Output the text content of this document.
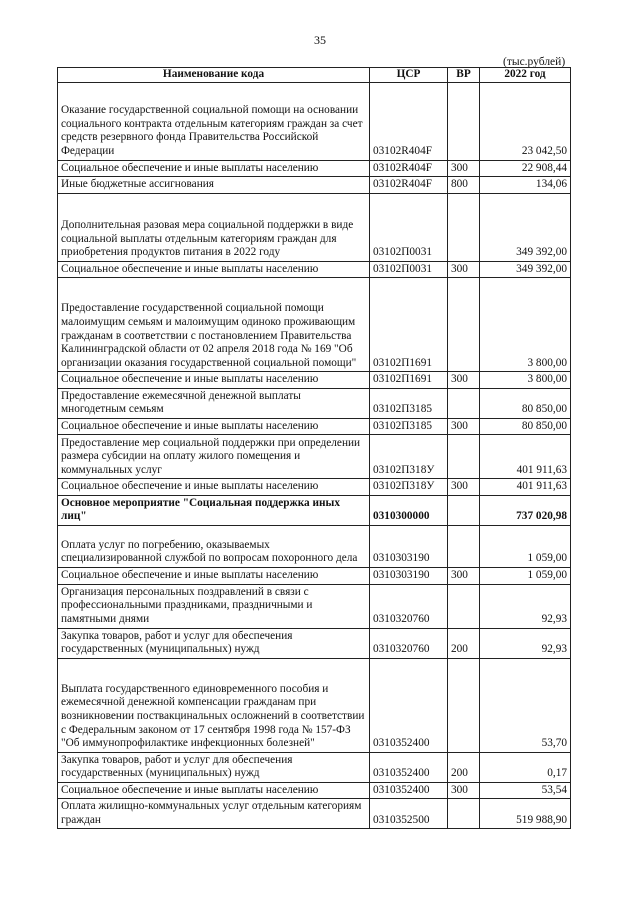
35
(тыс.рублей)
Наименование кода	ЦСР	ВР	2022 год
Оказание государственной социальной помощи на основании социального контракта отдельным категориям граждан за счет средств резервного фонда Правительства Российской Федерации	03102R404F		23 042,50
Социальное обеспечение и иные выплаты населению	03102R404F	300	22 908,44
Иные бюджетные ассигнования	03102R404F	800	134,06
Дополнительная разовая мера социальной поддержки в виде социальной выплаты отдельным категориям граждан для приобретения продуктов питания в 2022 году	03102П0031		349 392,00
Социальное обеспечение и иные выплаты населению	03102П0031	300	349 392,00
Предоставление государственной социальной помощи малоимущим семьям и малоимущим одиноко проживающим гражданам в соответствии с постановлением Правительства Калининградской области от 02 апреля 2018 года № 169 "Об организации оказания государственной социальной помощи"	03102П1691		3 800,00
Социальное обеспечение и иные выплаты населению	03102П1691	300	3 800,00
Предоставление ежемесячной денежной выплаты многодетным семьям	03102П3185		80 850,00
Социальное обеспечение и иные выплаты населению	03102П3185	300	80 850,00
Предоставление мер социальной поддержки при определении размера субсидии на оплату жилого помещения и коммунальных услуг	03102П318У		401 911,63
Социальное обеспечение и иные выплаты населению	03102П318У	300	401 911,63
Основное мероприятие "Социальная поддержка иных лиц"	0310300000		737 020,98
Оплата услуг по погребению, оказываемых специализированной службой по вопросам похоронного дела	0310303190		1 059,00
Социальное обеспечение и иные выплаты населению	0310303190	300	1 059,00
Организация персональных поздравлений в связи с профессиональными праздниками, праздничными и памятными днями	0310320760		92,93
Закупка товаров, работ и услуг для обеспечения государственных (муниципальных) нужд	0310320760	200	92,93
Выплата государственного единовременного пособия и ежемесячной денежной компенсации гражданам при возникновении поствакцинальных осложнений в соответствии с Федеральным законом от 17 сентября 1998 года № 157-ФЗ "Об иммунопрофилактике инфекционных болезней"	0310352400		53,70
Закупка товаров, работ и услуг для обеспечения государственных (муниципальных) нужд	0310352400	200	0,17
Социальное обеспечение и иные выплаты населению	0310352400	300	53,54
Оплата жилищно-коммунальных услуг отдельным категориям граждан	0310352500		519 988,90
